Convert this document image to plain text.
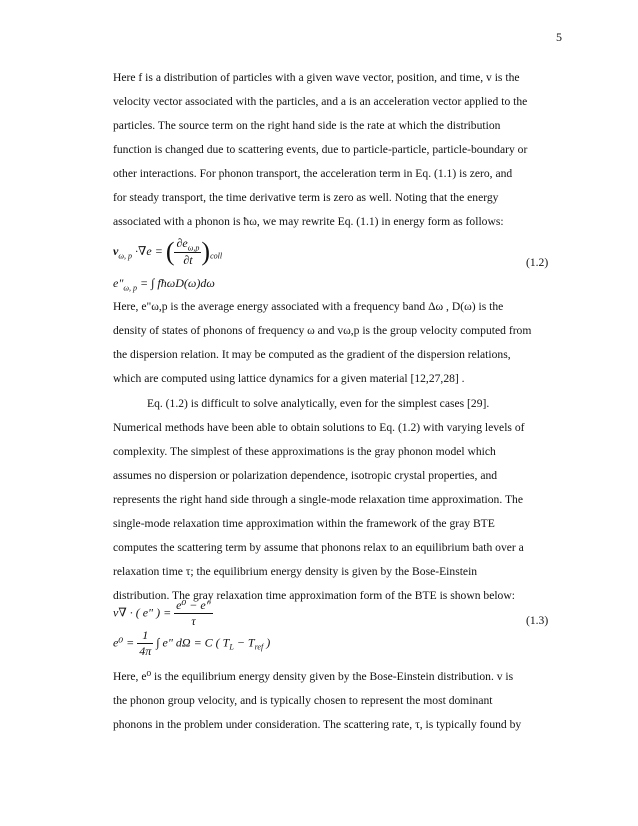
5
Here f is a distribution of particles with a given wave vector, position, and time, v is the
velocity vector associated with the particles, and a is an acceleration vector applied to the
particles. The source term on the right hand side is the rate at which the distribution
function is changed due to scattering events, due to particle-particle, particle-boundary or
other interactions. For phonon transport, the acceleration term in Eq. (1.1) is zero, and
for steady transport, the time derivative term is zero as well. Noting that the energy
associated with a phonon is ħω, we may rewrite Eq. (1.1) in energy form as follows:
$v_{\omega, p} \cdot\nabla e$ = ( $\frac{\partial e_{\omega,p}}{\partial t} )_{coll}$
(1.2)
$e"_{\omega, p}$ = ∫ fħωD(ω)dω
Here, e"ω,p is the average energy associated with a frequency band Δω , D(ω) is the
density of states of phonons of frequency ω and vω,p is the group velocity computed from
the dispersion relation. It may be computed as the gradient of the dispersion relations,
which are computed using lattice dynamics for a given material [12,27,28] .
Eq. (1.2) is difficult to solve analytically, even for the simplest cases [29].
Numerical methods have been able to obtain solutions to Eq. (1.2) with varying levels of
complexity. The simplest of these approximations is the gray phonon model which
assumes no dispersion or polarization dependence, isotropic crystal properties, and
represents the right hand side through a single-mode relaxation time approximation. The
single-mode relaxation time approximation within the framework of the gray BTE
computes the scattering term by assume that phonons relax to an equilibrium bath over a
relaxation time τ; the equilibrium energy density is given by the Bose-Einstein
distribution. The gray relaxation time approximation form of the BTE is shown below:
v∇ · ( e" ) = $\frac{\text{e⁰ − e"}}{\tau}$	(1.3)
$e^0 = \frac{1}{4\pi}$ ∫ e" dΩ = C ( $T_L - T_{ref}$ )
Here, e⁰ is the equilibrium energy density given by the Bose-Einstein distribution. v is
the phonon group velocity, and is typically chosen to represent the most dominant
phonons in the problem under consideration. The scattering rate, τ, is typically found by
